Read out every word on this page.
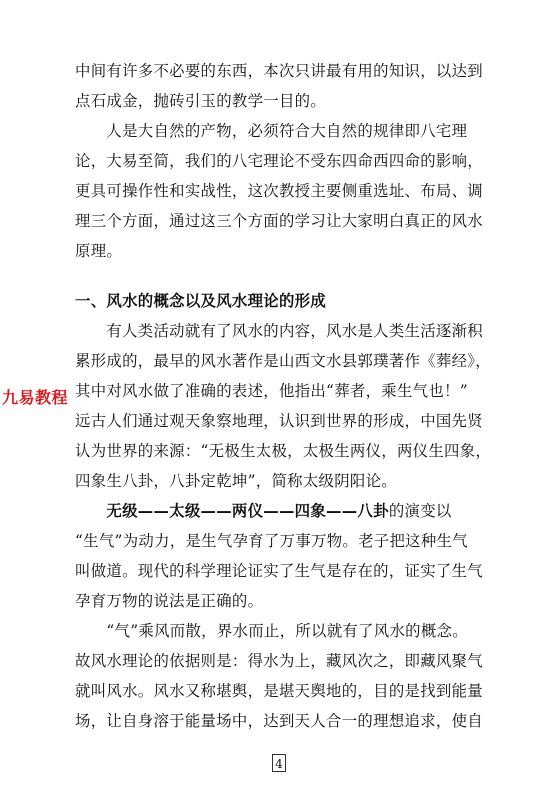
中间有许多不必要的东西，本次只讲最有用的知识，以达到
点石成金，抛砖引玉的教学一目的。
　　人是大自然的产物，必须符合大自然的规律即八宅理
论，大易至简，我们的八宅理论不受东四命西四命的影响，
更具可操作性和实战性，这次教授主要侧重选址、布局、调
理三个方面，通过这三个方面的学习让大家明白真正的风水
原理。
一、风水的概念以及风水理论的形成
　　有人类活动就有了风水的内容，风水是人类生活逐渐积
累形成的，最早的风水著作是山西文水县郭璞著作《葬经》，
其中对风水做了准确的表述，他指出“葬者，乘生气也！”
远古人们通过观天象察地理，认识到世界的形成，中国先贤
认为世界的来源：“无极生太极，太极生两仪，两仪生四象，
四象生八卦，八卦定乾坤”，简称太级阴阳论。
　　无级——太级——两仪——四象——八卦的演变以
“生气”为动力，是生气孕育了万事万物。老子把这种生气
叫做道。现代的科学理论证实了生气是存在的，证实了生气
孕育万物的说法是正确的。
　　“气”乘风而散，界水而止，所以就有了风水的概念。
故风水理论的依据则是：得水为上，藏风次之，即藏风聚气
就叫风水。风水又称堪舆，是堪天舆地的，目的是找到能量
场，让自身溶于能量场中，达到天人合一的理想追求，使自
九易教程
4
